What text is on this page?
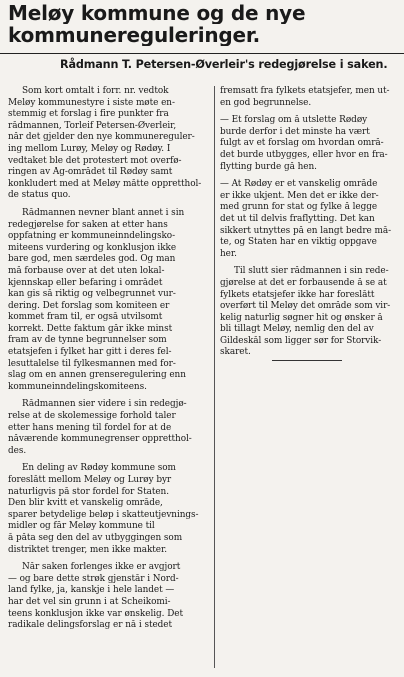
Meløy kommune og de nye
kommunereguleringer.
Rådmann T. Petersen-Øverleir's redegjørelse i saken.
Som kort omtalt i forr. nr. vedtok
Meløy kommunestyre i siste møte en-
stemmig et forslag i fire punkter fra
rådmannen, Torleif Petersen-Øverleir,
når det gjelder den nye kommunereguler-
ing mellom Lurøy, Meløy og Rødøy. I
vedtaket ble det protestert mot overfø-
ringen av Åg-området til Rødøy samt
konkludert med at Meløy måtte oppretthol-
de status quo.
Rådmannen nevner blant annet i sin
redegjørelse for saken at etter hans
oppfatning er kommuneinndelingsko-
miteens vurdering og konklusjon ikke
bare god, men særdeles god. Og man
må forbause over at det uten lokal-
kjennskap eller befaring i området
kan gis så riktig og velbegrunnet vur-
dering. Det forslag som komiteen er
kommet fram til, er også utvilsomt
korrekt. Dette faktum går ikke minst
fram av de tynne begrunnelser som
etatsjefen i fylket har gitt i deres fel-
lesuttalelse til fylkesmannen med for-
slag om en annen grenseregulering enn
kommuneinndelingskomiteens.
Rådmannen sier videre i sin redegjø-
relse at de skolemessige forhold taler
etter hans mening til fordel for at de
nåværende kommunegrenser oppretthol-
des.
En deling av Rødøy kommune som
foreslått mellom Meløy og Lurøy byr
naturligvis på stor fordel for Staten.
Den blir kvitt et vanskelig område,
sparer betydelige beløp i skatteutjevnings-
midler og får Meløy kommune til
å påta seg den del av utbyggingen som
distriktet trenger, men ikke makter.
Når saken forlenges ikke er avgjort
— og bare dette strøk gjenstår i Nord-
land fylke, ja, kanskje i hele landet —
har det vel sin grunn i at Scheikomi-
teens konklusjon ikke var ønskelig. Det
radikale delingsforslag er nå i stedet
fremsatt fra fylkets etatsjefer, men ut-
en god begrunnelse.
— Et forslag om å utslette Rødøy
burde derfor i det minste ha vært
fulgt av et forslag om hvordan områ-
det burde utbygges, eller hvor en fra-
flytting burde gå hen.
— At Rødøy er et vanskelig område
er ikke ukjent. Men det er ikke der-
med grunn for stat og fylke å legge
det ut til delvis fraflytting. Det kan
sikkert utnyttes på en langt bedre må-
te, og Staten har en viktig oppgave
her.
Til slutt sier rådmannen i sin rede-
gjørelse at det er forbausende å se at
fylkets etatsjefer ikke har foreslått
overført til Meløy det område som vir-
kelig naturlig søgner hit og ønsker å
bli tillagt Meløy, nemlig den del av
Gildeskål som ligger sør for Storvik-
skaret.
